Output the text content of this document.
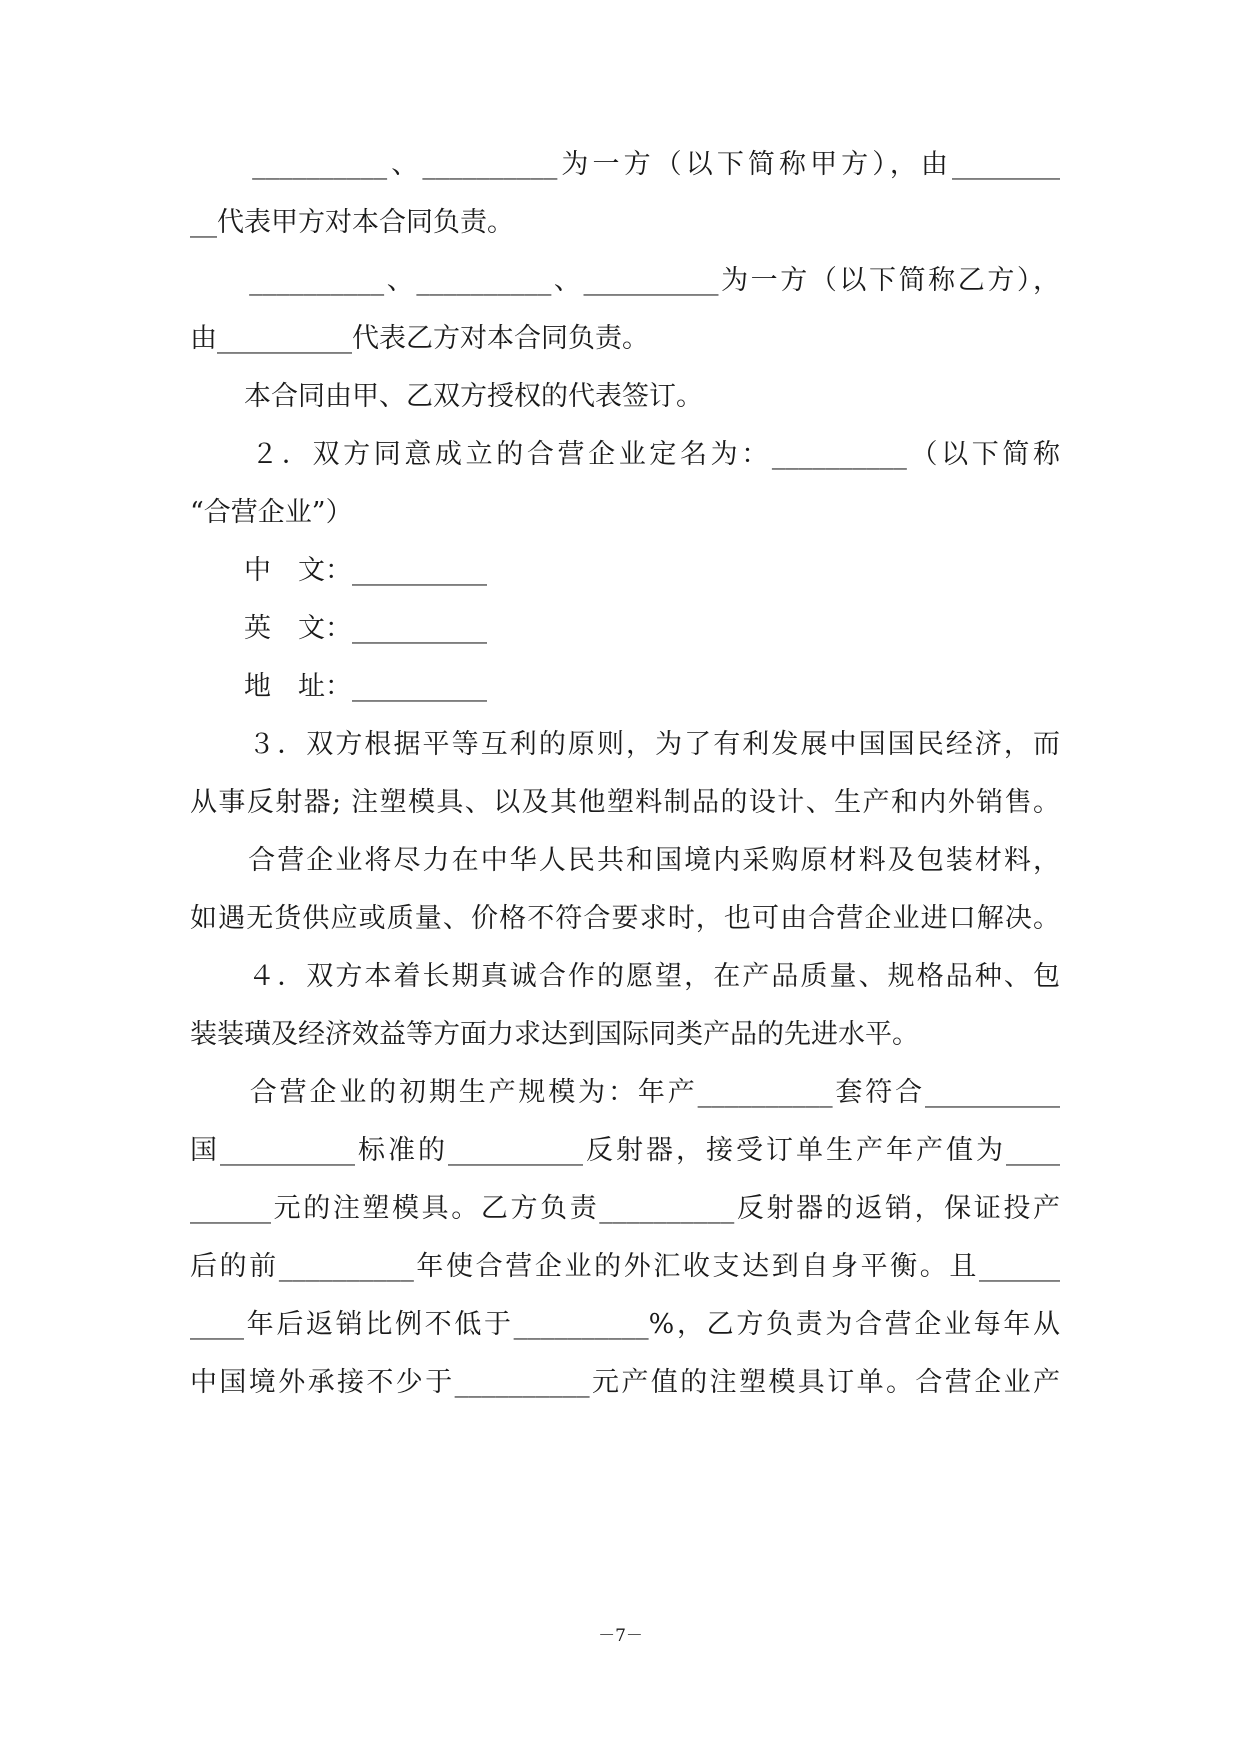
　　__________、__________为一方（以下简称甲方），由________
__代表甲方对本合同负责。
　　__________、__________、__________为一方（以下简称乙方），
由__________代表乙方对本合同负责。
　　本合同由甲、乙双方授权的代表签订。
　　２．双方同意成立的合营企业定名为：__________（以下简称
“合营企业”）
　　中　文：__________
　　英　文：__________
　　地　址：__________
　　３．双方根据平等互利的原则，为了有利发展中国国民经济，而
从事反射器; 注塑模具、以及其他塑料制品的设计、生产和内外销售。
　　合营企业将尽力在中华人民共和国境内采购原材料及包装材料，
如遇无货供应或质量、价格不符合要求时，也可由合营企业进口解决。
　　４．双方本着长期真诚合作的愿望，在产品质量、规格品种、包
装装璜及经济效益等方面力求达到国际同类产品的先进水平。
　　合营企业的初期生产规模为：年产__________套符合__________
国__________标准的__________反射器，接受订单生产年产值为____
______元的注塑模具。乙方负责__________反射器的返销，保证投产
后的前__________年使合营企业的外汇收支达到自身平衡。且______
____年后返销比例不低于__________%，乙方负责为合营企业每年从
中国境外承接不少于__________元产值的注塑模具订单。合营企业产
－7－
